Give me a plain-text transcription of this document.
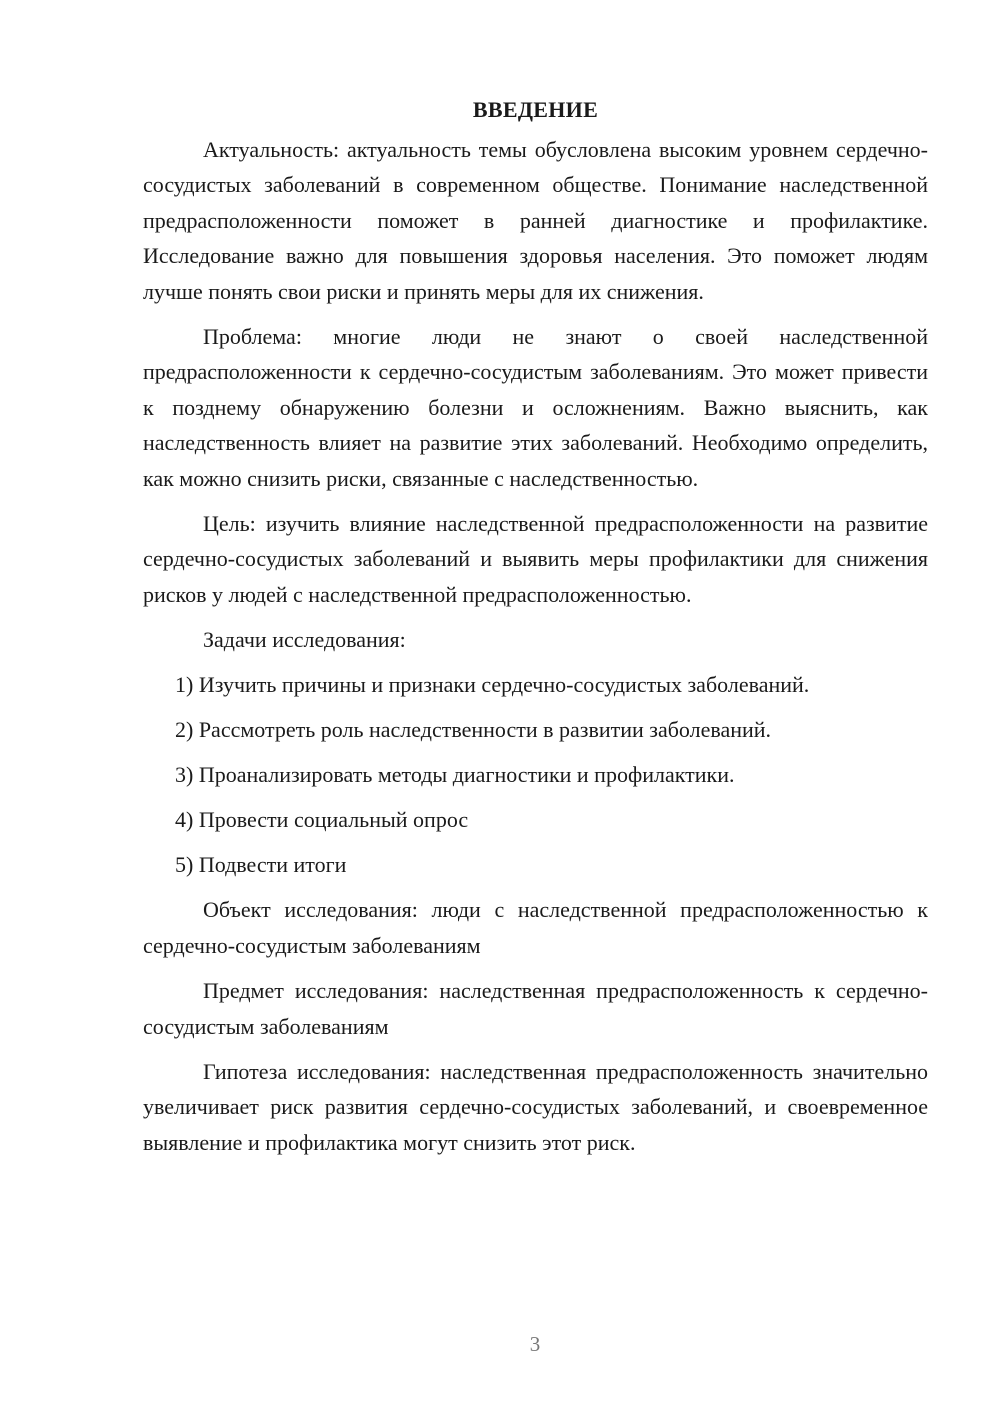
ВВЕДЕНИЕ

Актуальность: актуальность темы обусловлена высоким уровнем сердечно-сосудистых заболеваний в современном обществе. Понимание наследственной предрасположенности поможет в ранней диагностике и профилактике. Исследование важно для повышения здоровья населения. Это поможет людям лучше понять свои риски и принять меры для их снижения.

Проблема: многие люди не знают о своей наследственной предрасположенности к сердечно-сосудистым заболеваниям. Это может привести к позднему обнаружению болезни и осложнениям. Важно выяснить, как наследственность влияет на развитие этих заболеваний. Необходимо определить, как можно снизить риски, связанные с наследственностью.

Цель: изучить влияние наследственной предрасположенности на развитие сердечно-сосудистых заболеваний и выявить меры профилактики для снижения рисков у людей с наследственной предрасположенностью.

Задачи исследования:
1) Изучить причины и признаки сердечно-сосудистых заболеваний.
2) Рассмотреть роль наследственности в развитии заболеваний.
3) Проанализировать методы диагностики и профилактики.
4) Провести социальный опрос
5) Подвести итоги

Объект исследования: люди с наследственной предрасположенностью к сердечно-сосудистым заболеваниям

Предмет исследования: наследственная предрасположенность к сердечно-сосудистым заболеваниям

Гипотеза исследования: наследственная предрасположенность значительно увеличивает риск развития сердечно-сосудистых заболеваний, и своевременное выявление и профилактика могут снизить этот риск.

3
